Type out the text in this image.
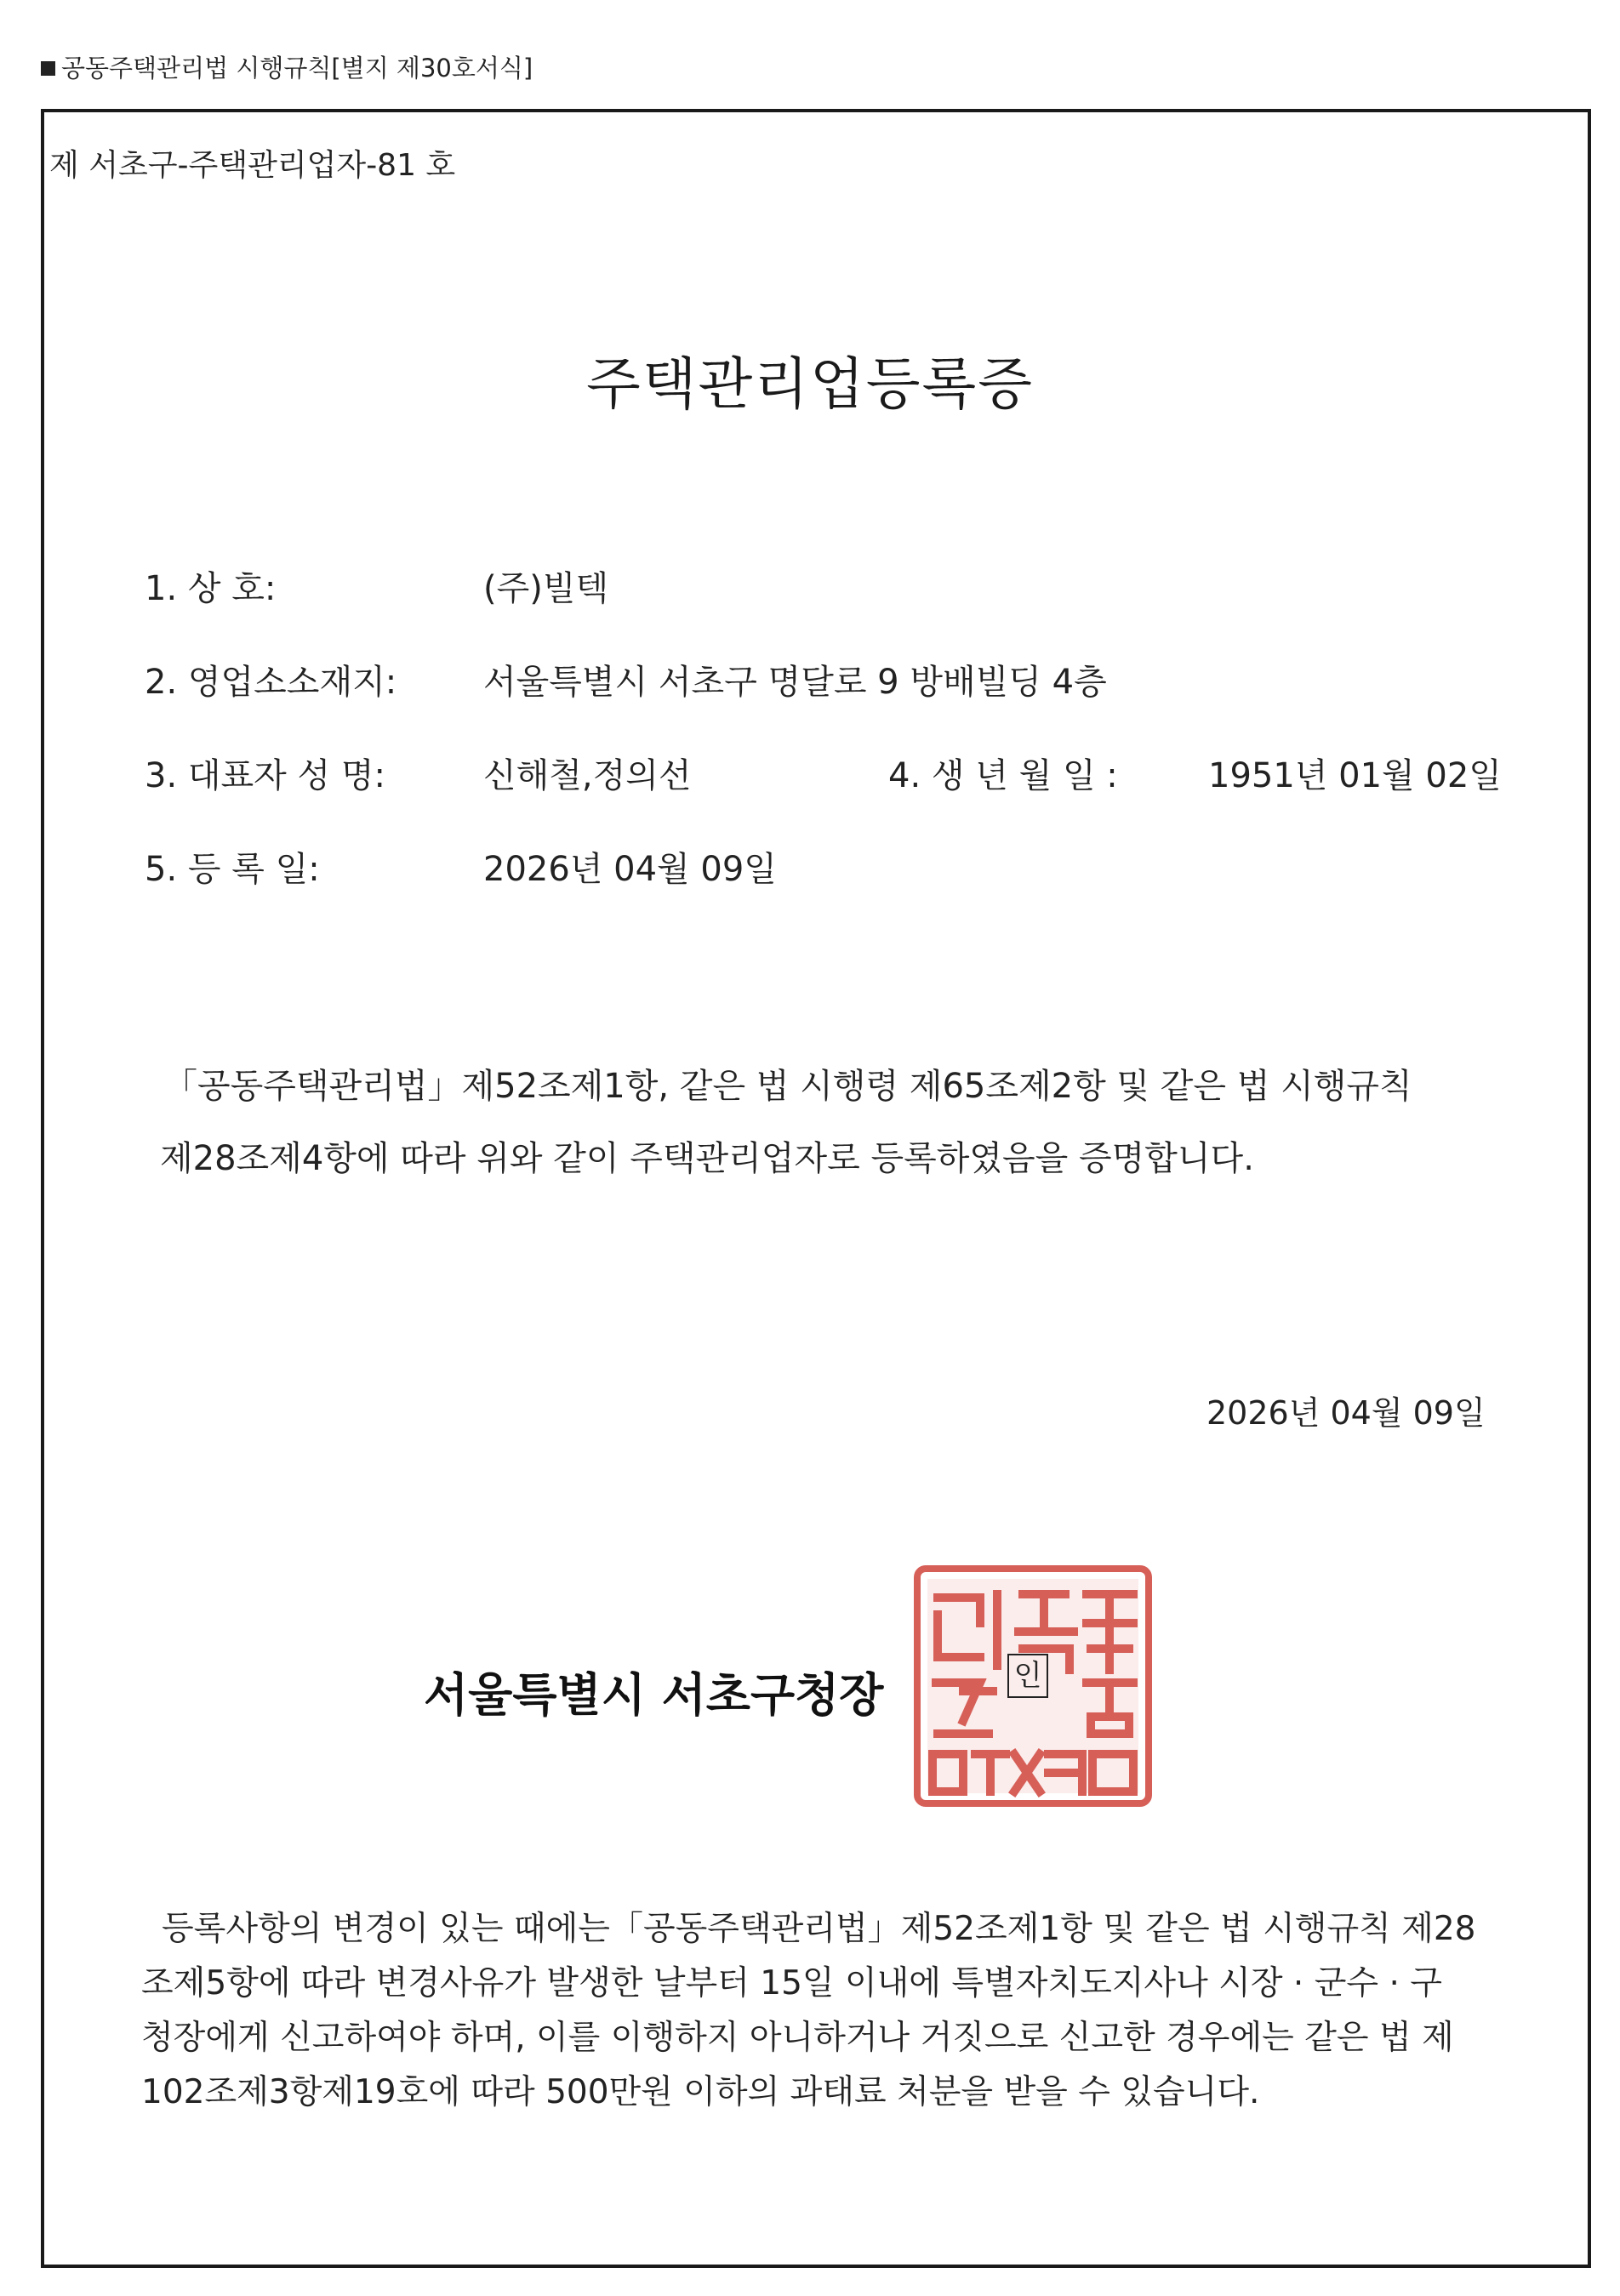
공동주택관리법 시행규칙[별지 제30호서식]
제 서초구-주택관리업자-81 호
주택관리업등록증
1. 상 호:	(주)빌텍
2. 영업소소재지:	서울특별시 서초구 명달로 9 방배빌딩 4층
3. 대표자 성 명:	신해철,정의선	4. 생 년 월 일 :	1951년 01월 02일
5. 등 록 일:	2026년 04월 09일
「공동주택관리법」제52조제1항, 같은 법 시행령 제65조제2항 및 같은 법 시행규칙
제28조제4항에 따라 위와 같이 주택관리업자로 등록하였음을 증명합니다.
2026년 04월 09일
서울특별시 서초구청장	인
등록사항의 변경이 있는 때에는「공동주택관리법」제52조제1항 및 같은 법 시행규칙 제28
조제5항에 따라 변경사유가 발생한 날부터 15일 이내에 특별자치도지사나 시장 · 군수 · 구
청장에게 신고하여야 하며, 이를 이행하지 아니하거나 거짓으로 신고한 경우에는 같은 법 제
102조제3항제19호에 따라 500만원 이하의 과태료 처분을 받을 수 있습니다.
